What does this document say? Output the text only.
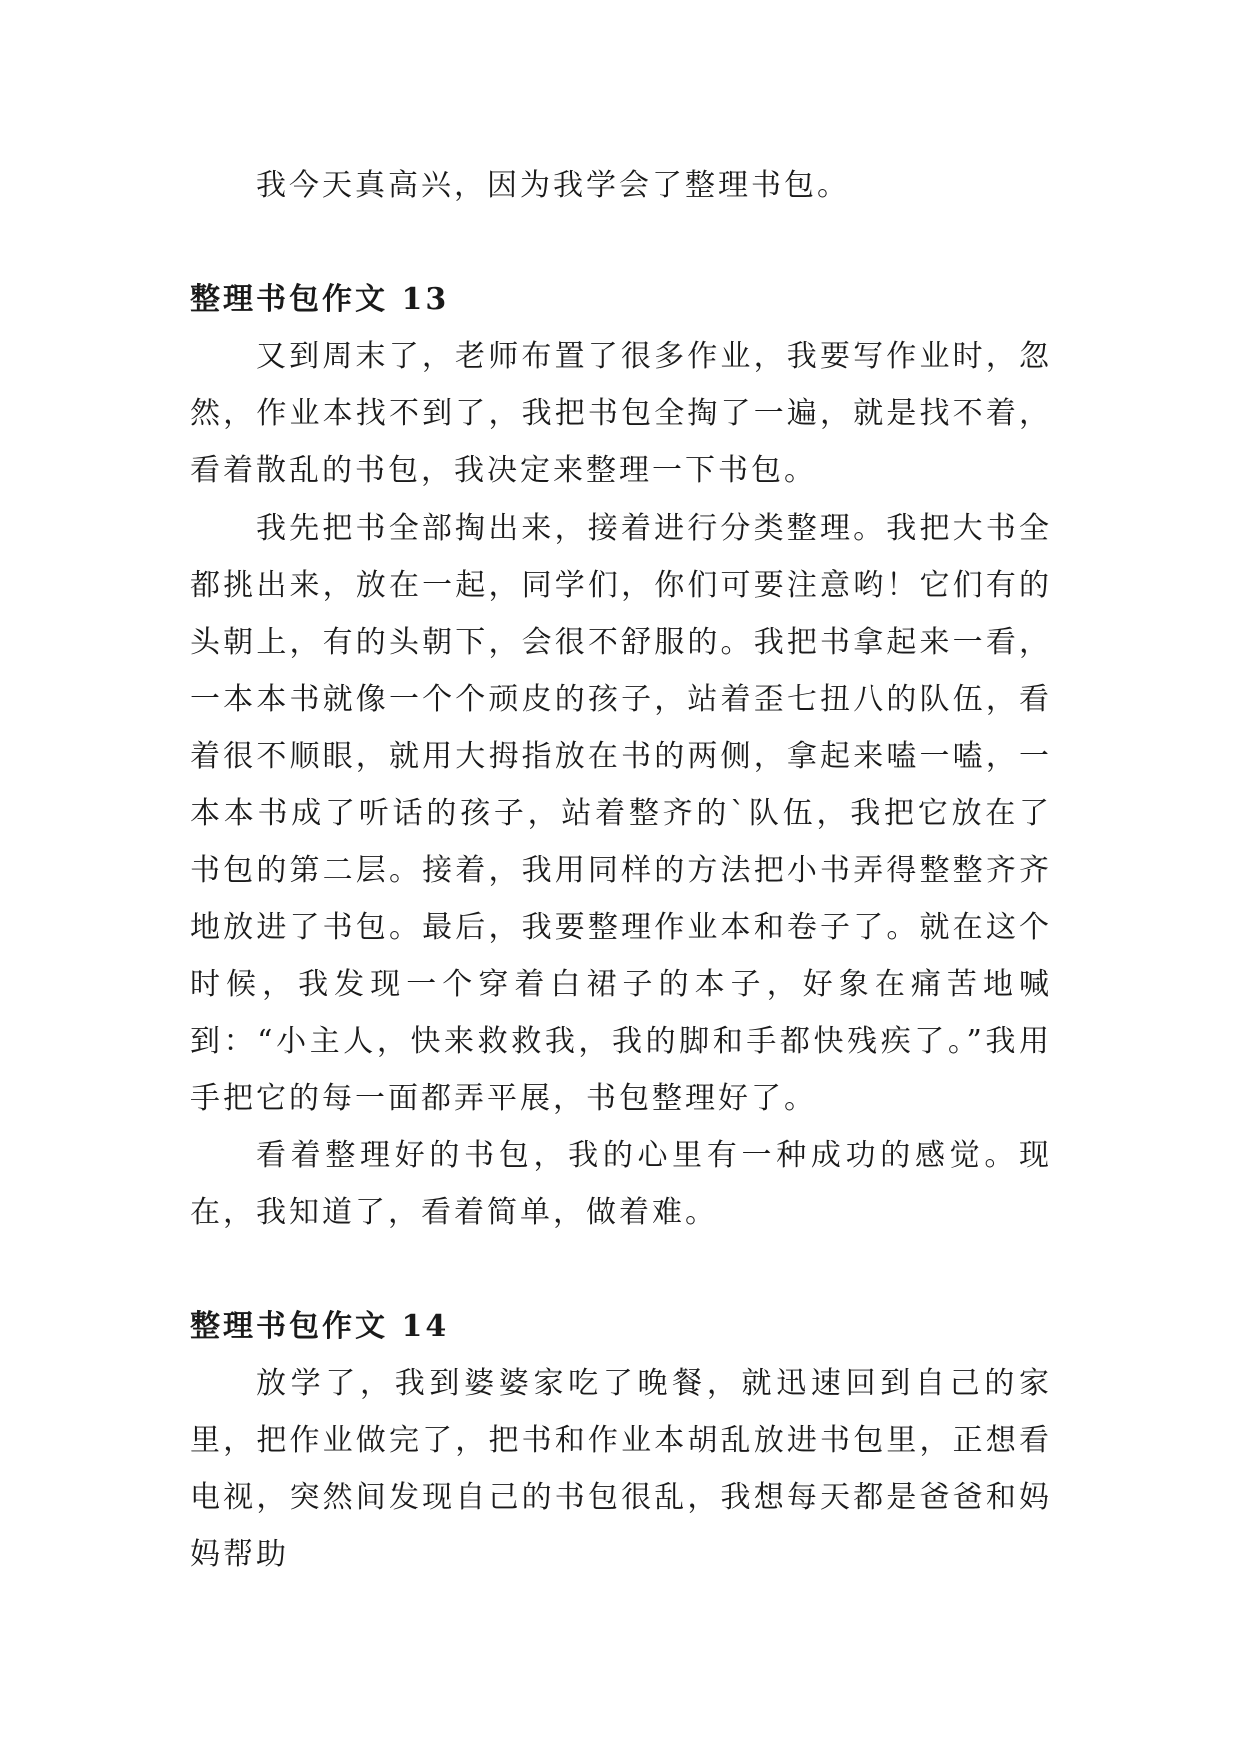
我今天真高兴，因为我学会了整理书包。

整理书包作文 13

又到周末了，老师布置了很多作业，我要写作业时，忽然，作业本找不到了，我把书包全掏了一遍，就是找不着，看着散乱的书包，我决定来整理一下书包。

我先把书全部掏出来，接着进行分类整理。我把大书全都挑出来，放在一起，同学们，你们可要注意哟！它们有的头朝上，有的头朝下，会很不舒服的。我把书拿起来一看，一本本书就像一个个顽皮的孩子，站着歪七扭八的队伍，看着很不顺眼，就用大拇指放在书的两侧，拿起来嗑一嗑，一本本书成了听话的孩子，站着整齐的`队伍，我把它放在了书包的第二层。接着，我用同样的方法把小书弄得整整齐齐地放进了书包。最后，我要整理作业本和卷子了。就在这个时候，我发现一个穿着白裙子的本子，好象在痛苦地喊到：“小主人，快来救救我，我的脚和手都快残疾了。”我用手把它的每一面都弄平展，书包整理好了。

看着整理好的书包，我的心里有一种成功的感觉。现在，我知道了，看着简单，做着难。

整理书包作文 14

放学了，我到婆婆家吃了晚餐，就迅速回到自己的家里，把作业做完了，把书和作业本胡乱放进书包里，正想看电视，突然间发现自己的书包很乱，我想每天都是爸爸和妈妈帮助
